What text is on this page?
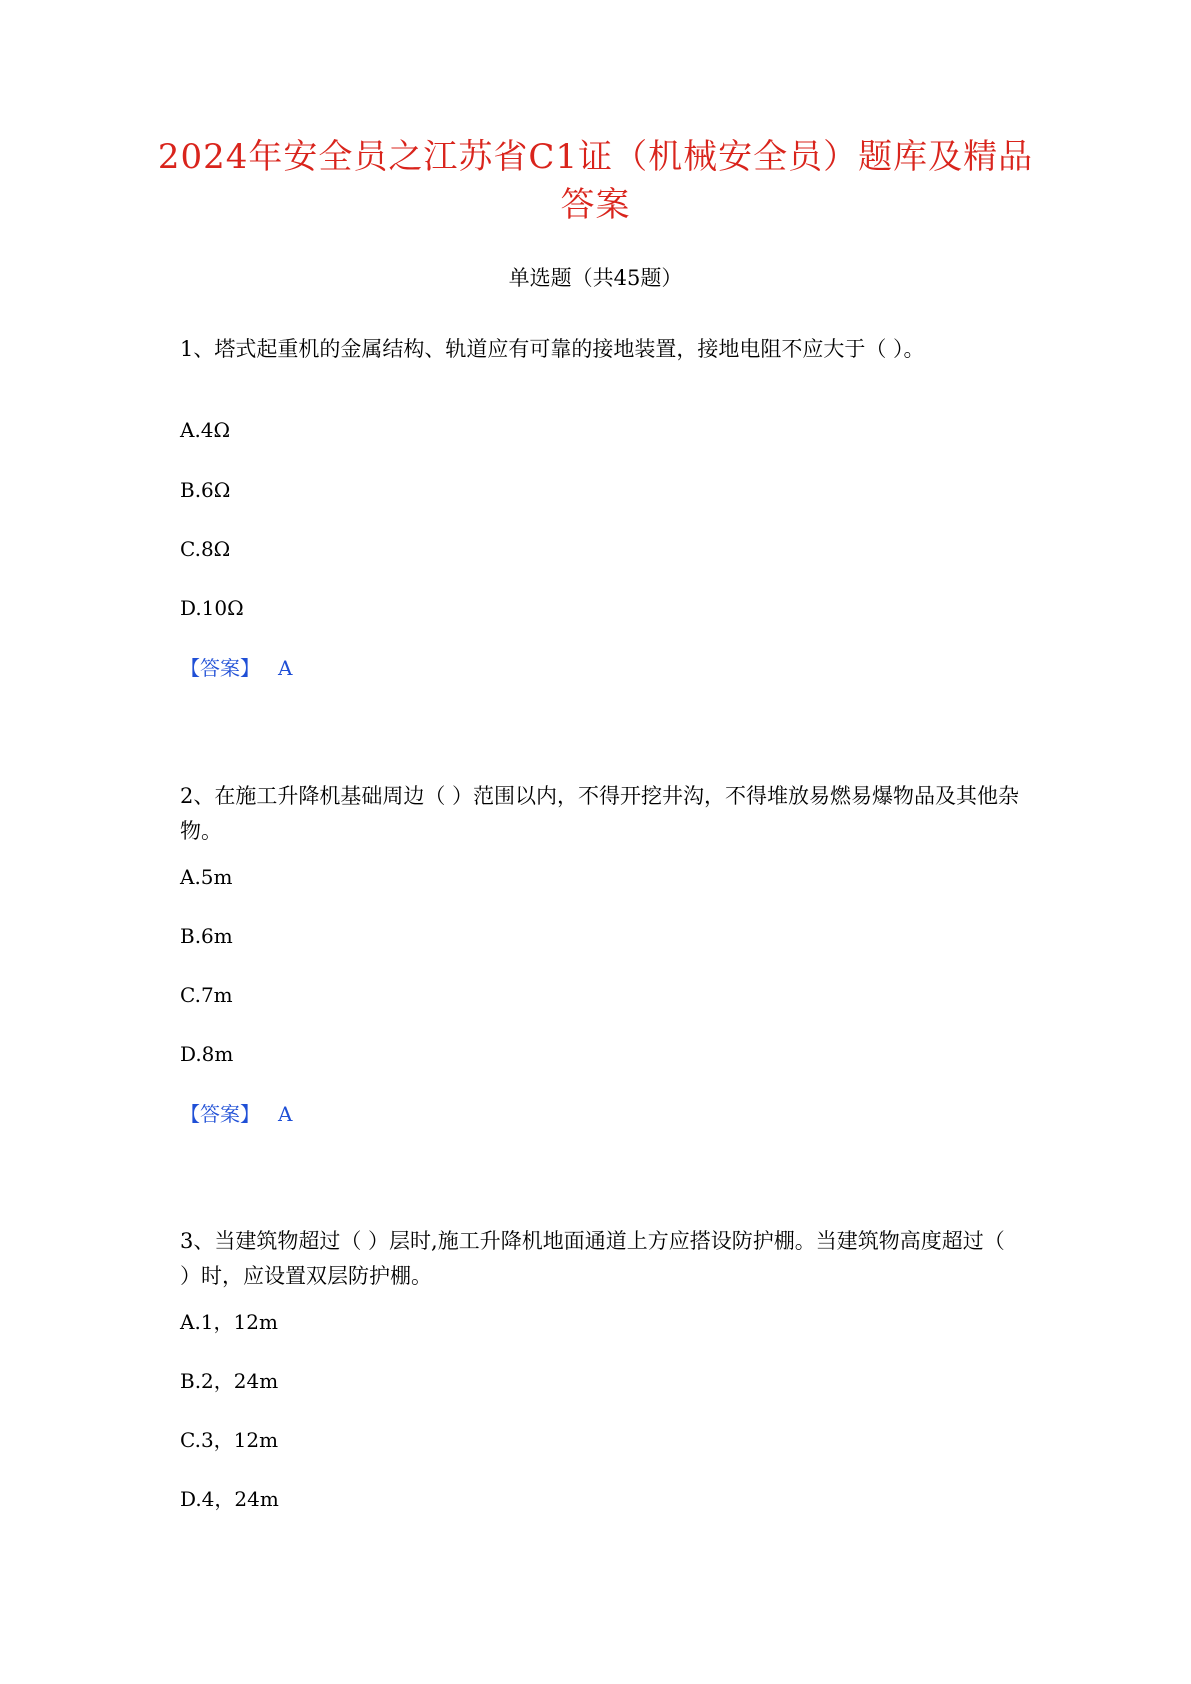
2024年安全员之江苏省C1证（机械安全员）题库及精品答案
单选题（共45题）

1、塔式起重机的金属结构、轨道应有可靠的接地装置，接地电阻不应大于（ ）。

A.4Ω
B.6Ω
C.8Ω
D.10Ω
【答案】 A

2、在施工升降机基础周边（ ）范围以内，不得开挖井沟，不得堆放易燃易爆物品及其他杂物。

A.5m
B.6m
C.7m
D.8m
【答案】 A

3、当建筑物超过（ ）层时,施工升降机地面通道上方应搭设防护棚。当建筑物高度超过（ ）时，应设置双层防护棚。

A.1，12m
B.2，24m
C.3，12m
D.4，24m
